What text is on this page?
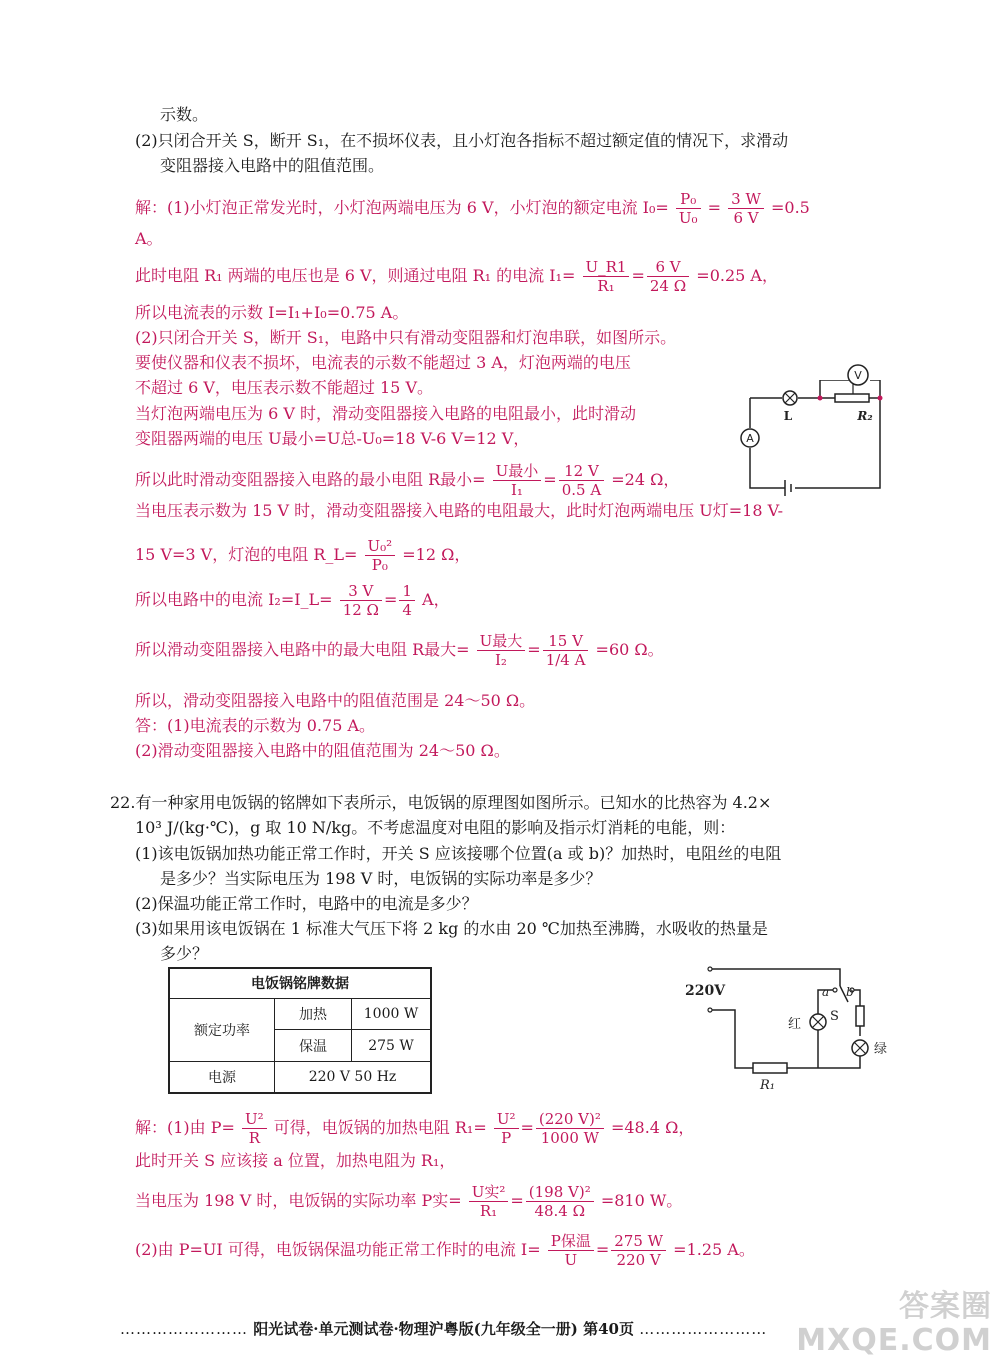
示数。
(2)只闭合开关 S，断开 S₁，在不损坏仪表，且小灯泡各指标不超过额定值的情况下，求滑动
变阻器接入电路中的阻值范围。
解：(1)小灯泡正常发光时，小灯泡两端电压为 6 V，小灯泡的额定电流 $I_0= \frac{\text{P₀}}{\text{U₀}} = \frac{3 W}{6 V} =0.5$
A。
此时电阻 R₁ 两端的电压也是 6 V，则通过电阻 R₁ 的电流 $I_1= \frac{U\_R1}{\text{R₁}} = \frac{6 V}{24 \Omega} =0.25$ A，
所以电流表的示数 I=I₁+I₀=0.75 A。
(2)只闭合开关 S，断开 S₁，电路中只有滑动变阻器和灯泡串联，如图所示。
要使仪器和仪表不损坏，电流表的示数不能超过 3 A，灯泡两端的电压
不超过 6 V，电压表示数不能超过 15 V。
当灯泡两端电压为 6 V 时，滑动变阻器接入电路的电阻最小，此时滑动
变阻器两端的电压 U最小=U总-U₀=18 V-6 V=12 V，	A
L	R₂
V
所以此时滑动变阻器接入电路的最小电阻 R最小= $\frac{\text{U最小}}{\text{I₁}} = \frac{12 V}{0.5 A} =24$ Ω，
当电压表示数为 15 V 时，滑动变阻器接入电路的电阻最大，此时灯泡两端电压 U灯=18 V-
15 V=3 V，灯泡的电阻 R_L= $\frac{\text{U₀²}}{\text{P₀}} =12$ Ω，
所以电路中的电流 I₂=I_L= $\frac{3 V}{12 \Omega} = \frac{1}{4}$ A，
所以滑动变阻器接入电路中的最大电阻 R最大= $\frac{\text{U最大}}{\text{I₂}} = \frac{15 V}{1/4 A} =60$ Ω。
所以，滑动变阻器接入电路中的阻值范围是 24～50 Ω。
答：(1)电流表的示数为 0.75 A。
(2)滑动变阻器接入电路中的阻值范围为 24～50 Ω。
22.有一种家用电饭锅的铭牌如下表所示，电饭锅的原理图如图所示。已知水的比热容为 4.2×
10³ J/(kg·℃)，g 取 10 N/kg。不考虑温度对电阻的影响及指示灯消耗的电能，则：
(1)该电饭锅加热功能正常工作时，开关 S 应该接哪个位置(a 或 b)？加热时，电阻丝的电阻
是多少？当实际电压为 198 V 时，电饭锅的实际功率是多少？
(2)保温功能正常工作时，电路中的电流是多少？
(3)如果用该电饭锅在 1 标准大气压下将 2 kg 的水由 20 ℃加热至沸腾，水吸收的热量是
多少？
电饭锅铭牌数据		
额定功率	加热	1000 W
	保温	275 W
电源	220 V 50 Hz	
220V	a b
S
红
绿
R₁
解：(1)由 $P= \frac{\text{U²}}{R}$ 可得，电饭锅的加热电阻 $R_1= \frac{\text{U²}}{P} = \frac{\text{(220 V)²}}{1000 W} =48.4$ Ω，
此时开关 S 应该接 a 位置，加热电阻为 R₁，
当电压为 198 V 时，电饭锅的实际功率 P实= $\frac{\text{U实²}}{\text{R₁}} = \frac{\text{(198 V)²}}{48.4 \Omega} =810$ W。
(2)由 P=UI 可得，电饭锅保温功能正常工作时的电流 $I= \frac{\text{P保温}}{U} = \frac{275 W}{220 V} =1.25$ A。
…………………… 阳光试卷·单元测试卷·物理沪粤版(九年级全一册) 第40页 ……………………
答案圈
MXQE.COM
